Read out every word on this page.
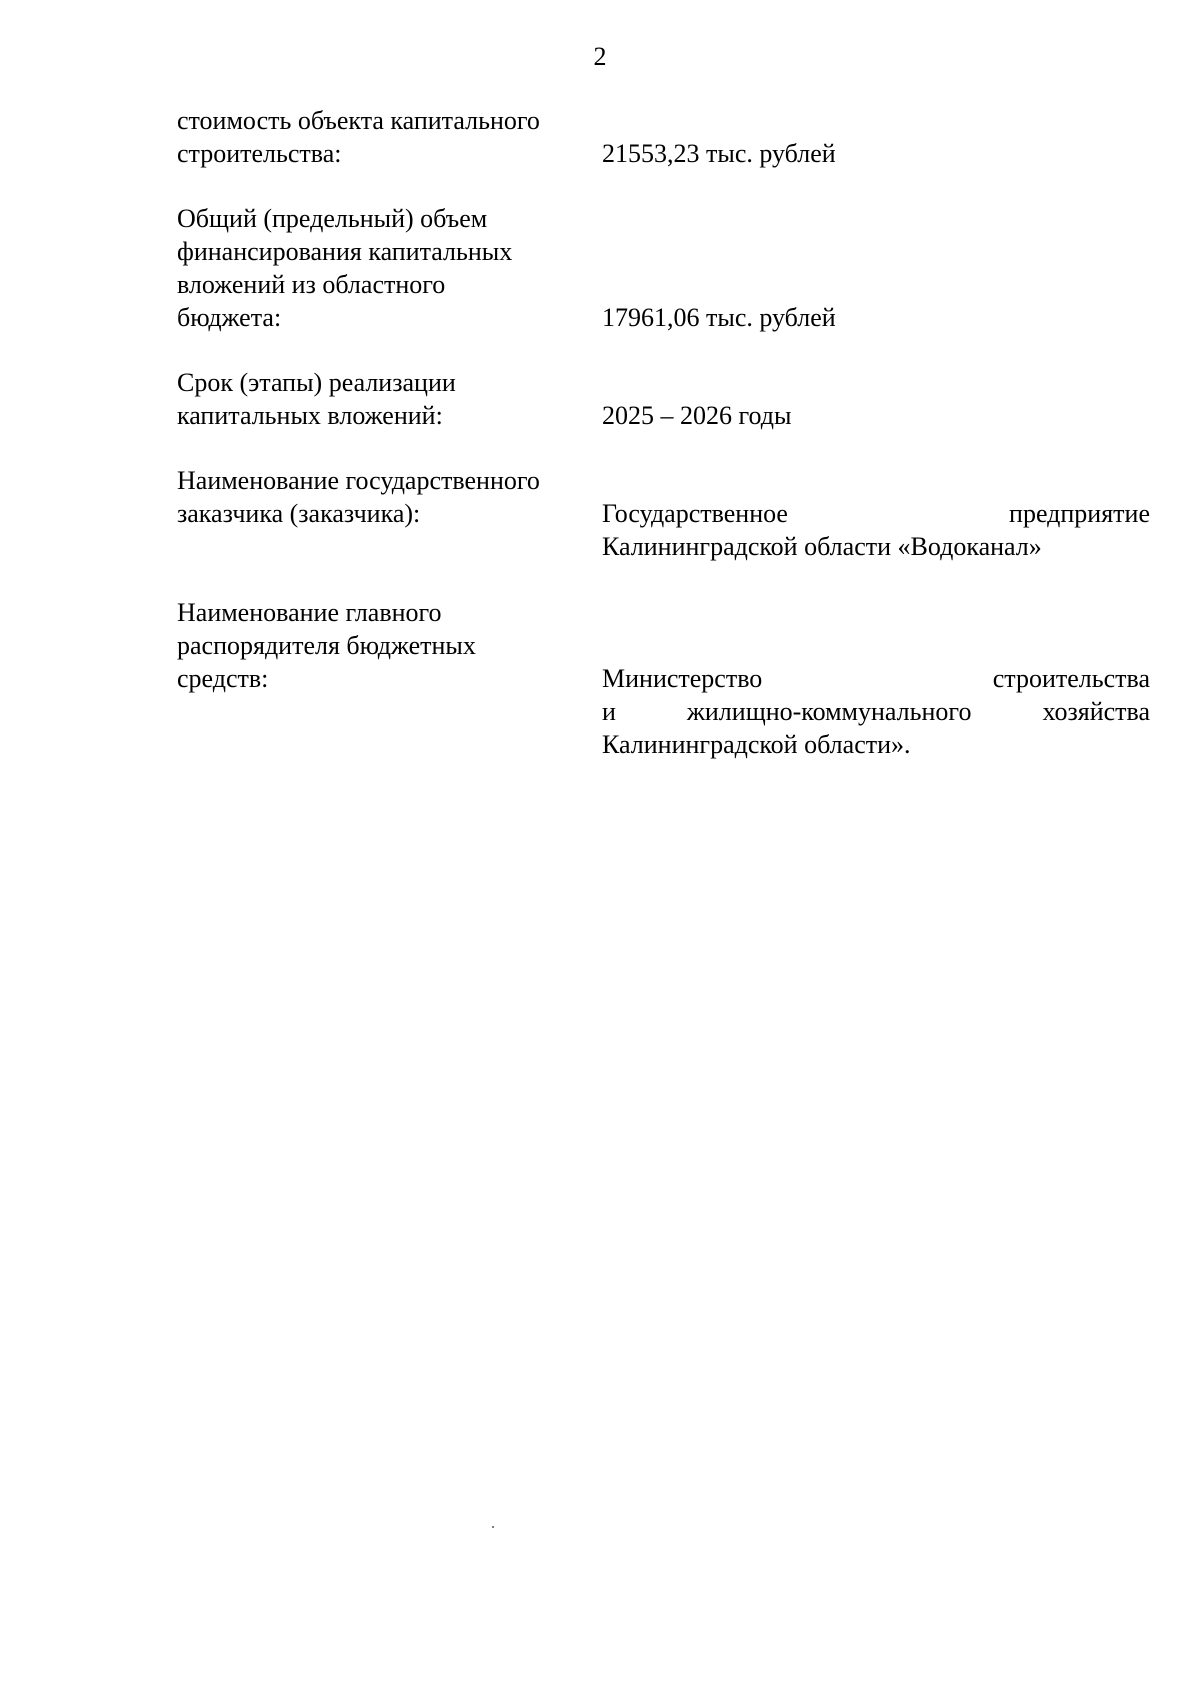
2
стоимость объекта капитального
строительства:	21553,23 тыс. рублей
Общий (предельный) объем
финансирования капитальных
вложений из областного
бюджета:	17961,06 тыс. рублей
Срок (этапы) реализации
капитальных вложений:	2025 – 2026 годы
Наименование государственного
заказчика (заказчика):	Государственное предприятие
Калининградской области «Водоканал»
Наименование главного
распорядителя бюджетных
средств:	Министерство строительства
и жилищно-коммунального хозяйства
Калининградской области».
